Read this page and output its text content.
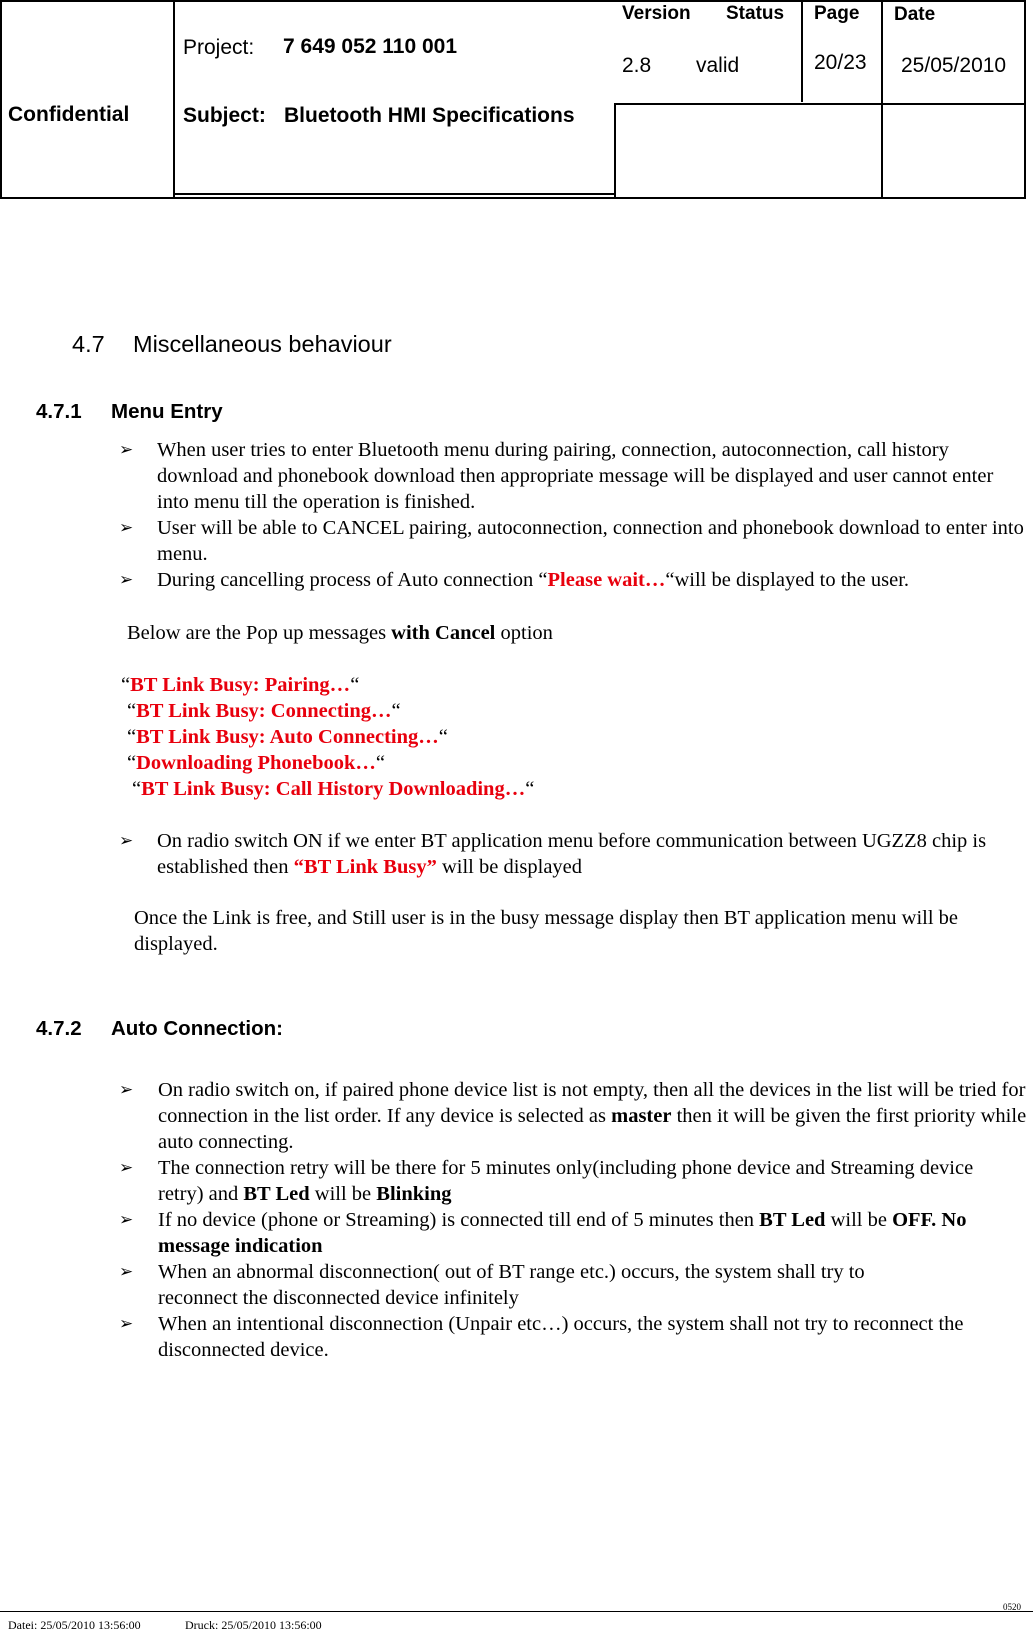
Confidential
Project: 7 649 052 110 001
Subject: Bluetooth HMI Specifications
Version Status
2.8 valid
Page
20/23
Date
25/05/2010
4.7 Miscellaneous behaviour
4.7.1 Menu Entry
➢ When user tries to enter Bluetooth menu during pairing, connection, autoconnection, call history download and phonebook download then appropriate message will be displayed and user cannot enter into menu till the operation is finished.
➢ User will be able to CANCEL pairing, autoconnection, connection and phonebook download to enter into menu.
➢ During cancelling process of Auto connection “Please wait…“will be displayed to the user.
Below are the Pop up messages with Cancel option
“BT Link Busy: Pairing…“
“BT Link Busy: Connecting…“
“BT Link Busy: Auto Connecting…“
“Downloading Phonebook…“
“BT Link Busy: Call History Downloading…“
➢ On radio switch ON if we enter BT application menu before communication between UGZZ8 chip is established then “BT Link Busy” will be displayed
Once the Link is free, and Still user is in the busy message display then BT application menu will be displayed.
4.7.2 Auto Connection:
➢ On radio switch on, if paired phone device list is not empty, then all the devices in the list will be tried for connection in the list order. If any device is selected as master then it will be given the first priority while auto connecting.
➢ The connection retry will be there for 5 minutes only(including phone device and Streaming device retry) and BT Led will be Blinking
➢ If no device (phone or Streaming) is connected till end of 5 minutes then BT Led will be OFF. No message indication
➢ When an abnormal disconnection( out of BT range etc.) occurs, the system shall try to reconnect the disconnected device infinitely
➢ When an intentional disconnection (Unpair etc…) occurs, the system shall not try to reconnect the disconnected device.
0520
Datei: 25/05/2010 13:56:00	Druck: 25/05/2010 13:56:00
